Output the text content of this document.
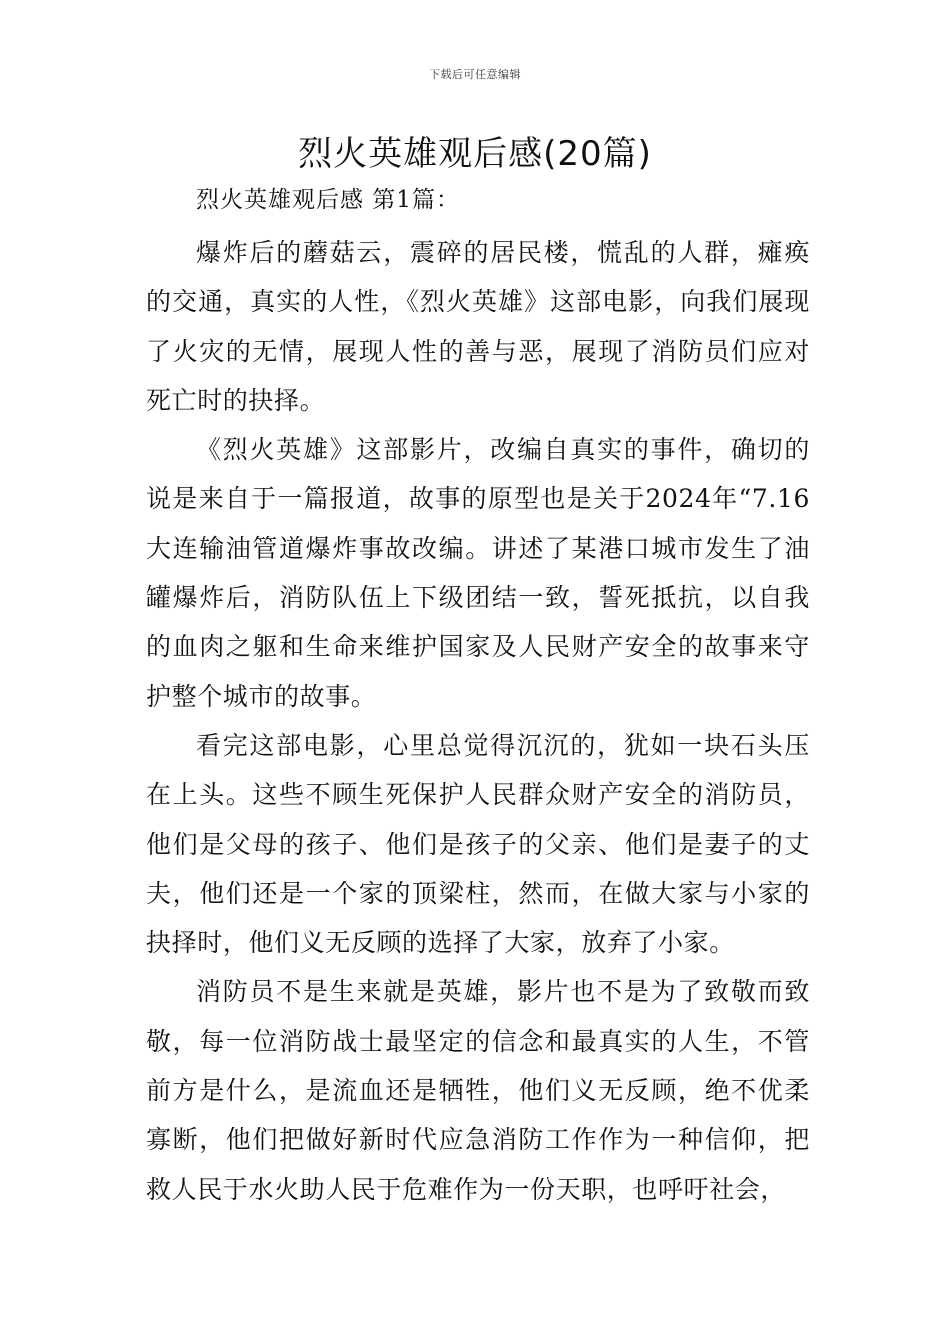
下载后可任意编辑
烈火英雄观后感(20篇)
烈火英雄观后感 第1篇：

爆炸后的蘑菇云，震碎的居民楼，慌乱的人群，瘫痪的交通，真实的人性，《烈火英雄》这部电影，向我们展现了火灾的无情，展现人性的善与恶，展现了消防员们应对死亡时的抉择。

《烈火英雄》这部影片，改编自真实的事件，确切的说是来自于一篇报道，故事的原型也是关于2024年“7.16大连输油管道爆炸事故改编。讲述了某港口城市发生了油罐爆炸后，消防队伍上下级团结一致，誓死抵抗，以自我的血肉之躯和生命来维护国家及人民财产安全的故事来守护整个城市的故事。

看完这部电影，心里总觉得沉沉的，犹如一块石头压在上头。这些不顾生死保护人民群众财产安全的消防员，他们是父母的孩子、他们是孩子的父亲、他们是妻子的丈夫，他们还是一个家的顶梁柱，然而，在做大家与小家的抉择时，他们义无反顾的选择了大家，放弃了小家。

消防员不是生来就是英雄，影片也不是为了致敬而致敬，每一位消防战士最坚定的信念和最真实的人生，不管前方是什么，是流血还是牺牲，他们义无反顾，绝不优柔寡断，他们把做好新时代应急消防工作作为一种信仰，把救人民于水火助人民于危难作为一份天职，也呼吁社会，
